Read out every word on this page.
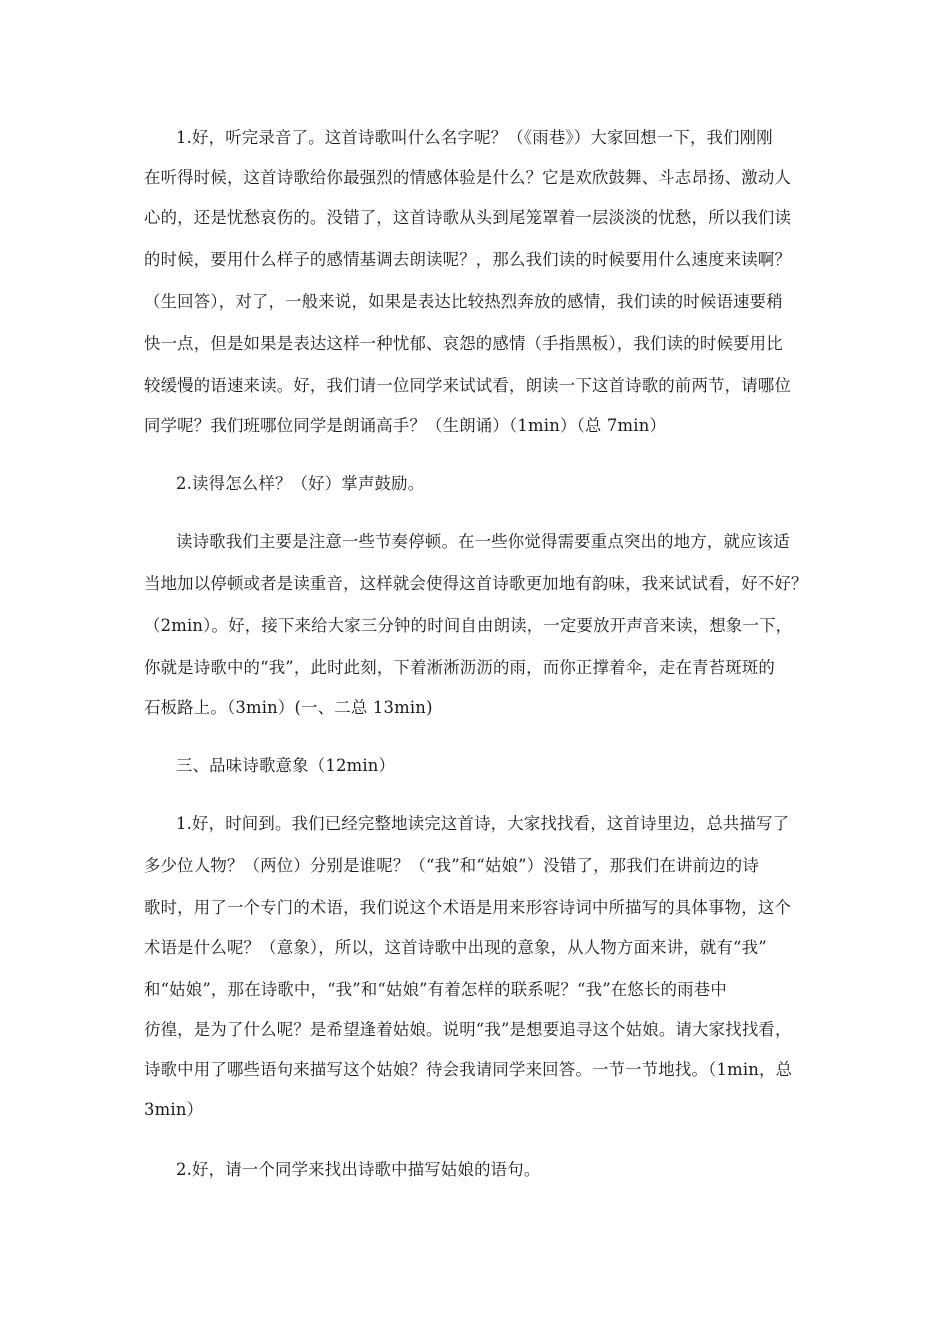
1.好，听完录音了。这首诗歌叫什么名字呢？（《雨巷》）大家回想一下，我们刚刚
在听得时候，这首诗歌给你最强烈的情感体验是什么？它是欢欣鼓舞、斗志昂扬、激动人
心的，还是忧愁哀伤的。没错了，这首诗歌从头到尾笼罩着一层淡淡的忧愁，所以我们读
的时候，要用什么样子的感情基调去朗读呢？，那么我们读的时候要用什么速度来读啊？
（生回答），对了，一般来说，如果是表达比较热烈奔放的感情，我们读的时候语速要稍
快一点，但是如果是表达这样一种忧郁、哀怨的感情（手指黑板），我们读的时候要用比
较缓慢的语速来读。好，我们请一位同学来试试看，朗读一下这首诗歌的前两节，请哪位
同学呢？我们班哪位同学是朗诵高手？（生朗诵）（1min）（总 7min）
2.读得怎么样？（好）掌声鼓励。
读诗歌我们主要是注意一些节奏停顿。在一些你觉得需要重点突出的地方，就应该适
当地加以停顿或者是读重音，这样就会使得这首诗歌更加地有韵味，我来试试看，好不好？
（2min）。好，接下来给大家三分钟的时间自由朗读，一定要放开声音来读，想象一下，
你就是诗歌中的“我”，此时此刻，下着淅淅沥沥的雨，而你正撑着伞，走在青苔斑斑的
石板路上。（3min）(一、二总 13min)
三、品味诗歌意象（12min）
1.好，时间到。我们已经完整地读完这首诗，大家找找看，这首诗里边，总共描写了
多少位人物？（两位）分别是谁呢？（“我”和“姑娘”）没错了，那我们在讲前边的诗
歌时，用了一个专门的术语，我们说这个术语是用来形容诗词中所描写的具体事物，这个
术语是什么呢？（意象），所以，这首诗歌中出现的意象，从人物方面来讲，就有“我”
和“姑娘”，那在诗歌中，“我”和“姑娘”有着怎样的联系呢？“我”在悠长的雨巷中
彷徨，是为了什么呢？是希望逢着姑娘。说明“我”是想要追寻这个姑娘。请大家找找看，
诗歌中用了哪些语句来描写这个姑娘？待会我请同学来回答。一节一节地找。（1min，总
3min）
2.好，请一个同学来找出诗歌中描写姑娘的语句。
